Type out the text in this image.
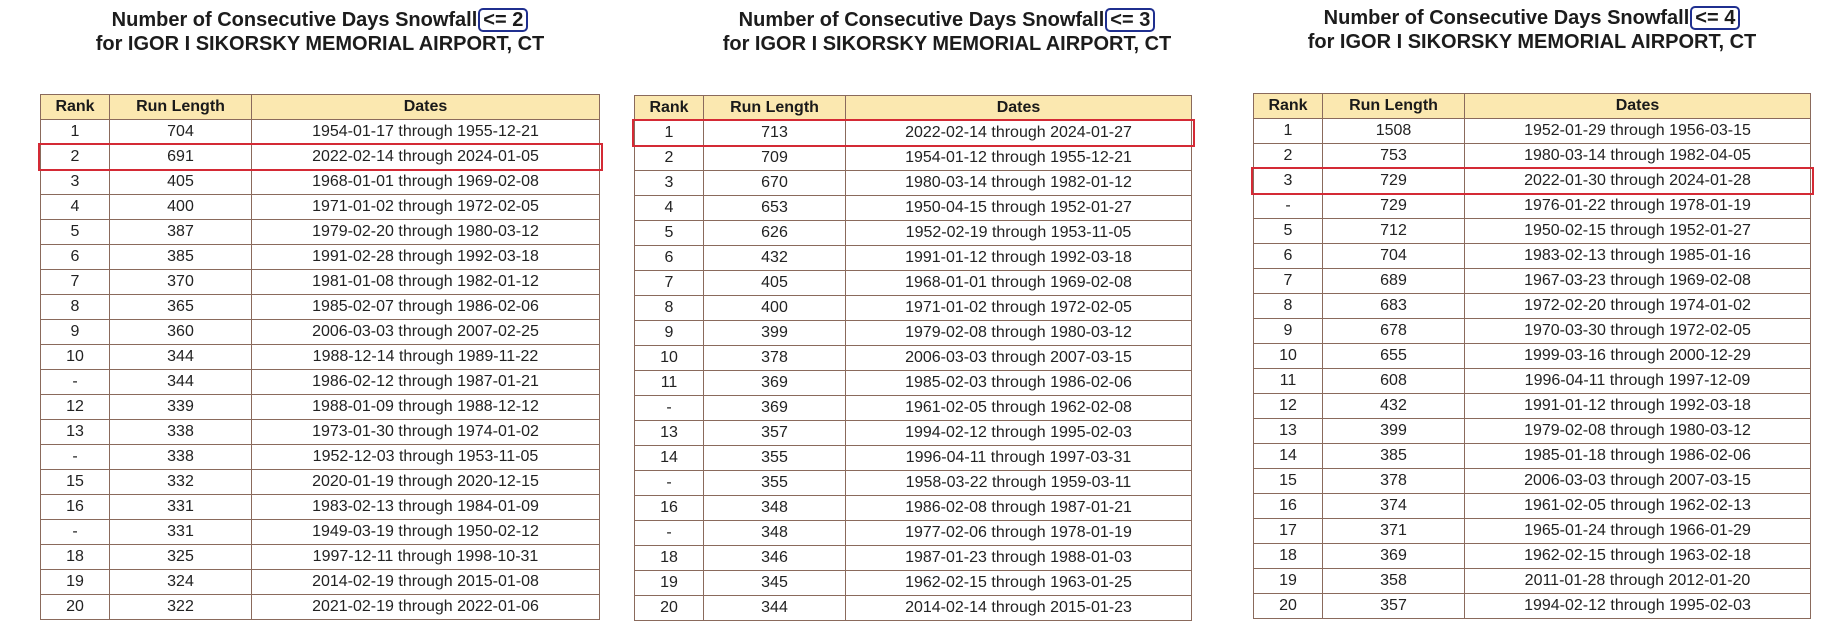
Number of Consecutive Days Snowfall <= 2
for IGOR I SIKORSKY MEMORIAL AIRPORT, CT
Number of Consecutive Days Snowfall <= 3
for IGOR I SIKORSKY MEMORIAL AIRPORT, CT
Number of Consecutive Days Snowfall <= 4
for IGOR I SIKORSKY MEMORIAL AIRPORT, CT
Rank	Run Length	Dates
1	704	1954-01-17 through 1955-12-21
2	691	2022-02-14 through 2024-01-05
3	405	1968-01-01 through 1969-02-08
4	400	1971-01-02 through 1972-02-05
5	387	1979-02-20 through 1980-03-12
6	385	1991-02-28 through 1992-03-18
7	370	1981-01-08 through 1982-01-12
8	365	1985-02-07 through 1986-02-06
9	360	2006-03-03 through 2007-02-25
10	344	1988-12-14 through 1989-11-22
-	344	1986-02-12 through 1987-01-21
12	339	1988-01-09 through 1988-12-12
13	338	1973-01-30 through 1974-01-02
-	338	1952-12-03 through 1953-11-05
15	332	2020-01-19 through 2020-12-15
16	331	1983-02-13 through 1984-01-09
-	331	1949-03-19 through 1950-02-12
18	325	1997-12-11 through 1998-10-31
19	324	2014-02-19 through 2015-01-08
20	322	2021-02-19 through 2022-01-06
Rank	Run Length	Dates
1	713	2022-02-14 through 2024-01-27
2	709	1954-01-12 through 1955-12-21
3	670	1980-03-14 through 1982-01-12
4	653	1950-04-15 through 1952-01-27
5	626	1952-02-19 through 1953-11-05
6	432	1991-01-12 through 1992-03-18
7	405	1968-01-01 through 1969-02-08
8	400	1971-01-02 through 1972-02-05
9	399	1979-02-08 through 1980-03-12
10	378	2006-03-03 through 2007-03-15
11	369	1985-02-03 through 1986-02-06
-	369	1961-02-05 through 1962-02-08
13	357	1994-02-12 through 1995-02-03
14	355	1996-04-11 through 1997-03-31
-	355	1958-03-22 through 1959-03-11
16	348	1986-02-08 through 1987-01-21
-	348	1977-02-06 through 1978-01-19
18	346	1987-01-23 through 1988-01-03
19	345	1962-02-15 through 1963-01-25
20	344	2014-02-14 through 2015-01-23
Rank	Run Length	Dates
1	1508	1952-01-29 through 1956-03-15
2	753	1980-03-14 through 1982-04-05
3	729	2022-01-30 through 2024-01-28
-	729	1976-01-22 through 1978-01-19
5	712	1950-02-15 through 1952-01-27
6	704	1983-02-13 through 1985-01-16
7	689	1967-03-23 through 1969-02-08
8	683	1972-02-20 through 1974-01-02
9	678	1970-03-30 through 1972-02-05
10	655	1999-03-16 through 2000-12-29
11	608	1996-04-11 through 1997-12-09
12	432	1991-01-12 through 1992-03-18
13	399	1979-02-08 through 1980-03-12
14	385	1985-01-18 through 1986-02-06
15	378	2006-03-03 through 2007-03-15
16	374	1961-02-05 through 1962-02-13
17	371	1965-01-24 through 1966-01-29
18	369	1962-02-15 through 1963-02-18
19	358	2011-01-28 through 2012-01-20
20	357	1994-02-12 through 1995-02-03
